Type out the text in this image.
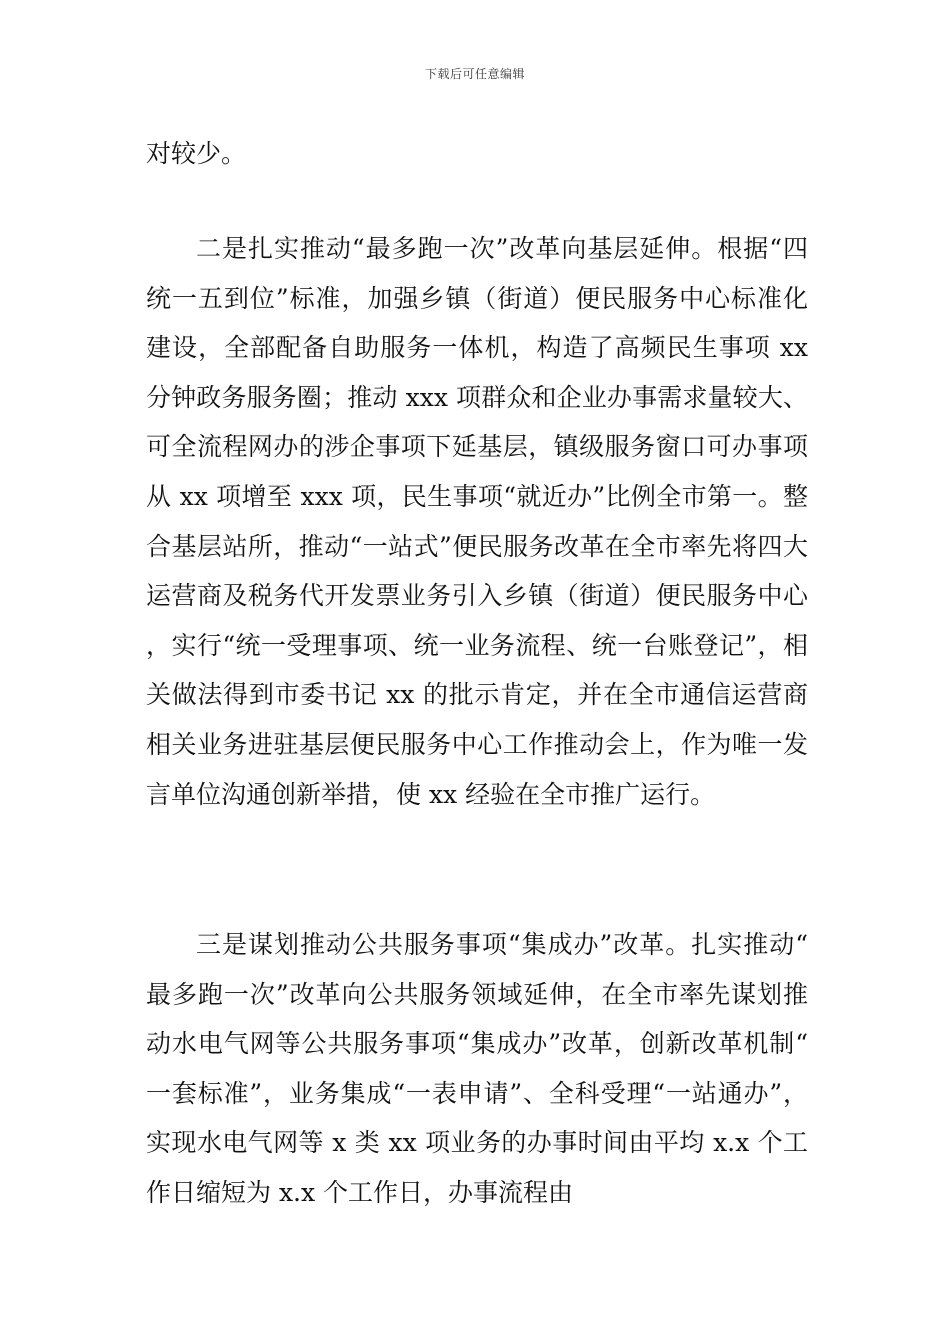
下载后可任意编辑

对较少。

二是扎实推动“最多跑一次”改革向基层延伸。根据“四统一五到位”标准，加强乡镇（街道）便民服务中心标准化建设，全部配备自助服务一体机，构造了高频民生事项 xx 分钟政务服务圈；推动 xxx 项群众和企业办事需求量较大、可全流程网办的涉企事项下延基层，镇级服务窗口可办事项从 xx 项增至 xxx 项，民生事项“就近办”比例全市第一。整合基层站所，推动“一站式”便民服务改革在全市率先将四大运营商及税务代开发票业务引入乡镇（街道）便民服务中心，实行“统一受理事项、统一业务流程、统一台账登记”，相关做法得到市委书记 xx 的批示肯定，并在全市通信运营商相关业务进驻基层便民服务中心工作推动会上，作为唯一发言单位沟通创新举措，使 xx 经验在全市推广运行。

三是谋划推动公共服务事项“集成办”改革。扎实推动“最多跑一次”改革向公共服务领域延伸，在全市率先谋划推动水电气网等公共服务事项“集成办”改革，创新改革机制“一套标准”，业务集成“一表申请”、全科受理“一站通办”，实现水电气网等 x 类 xx 项业务的办事时间由平均 x.x 个工作日缩短为 x.x 个工作日，办事流程由
